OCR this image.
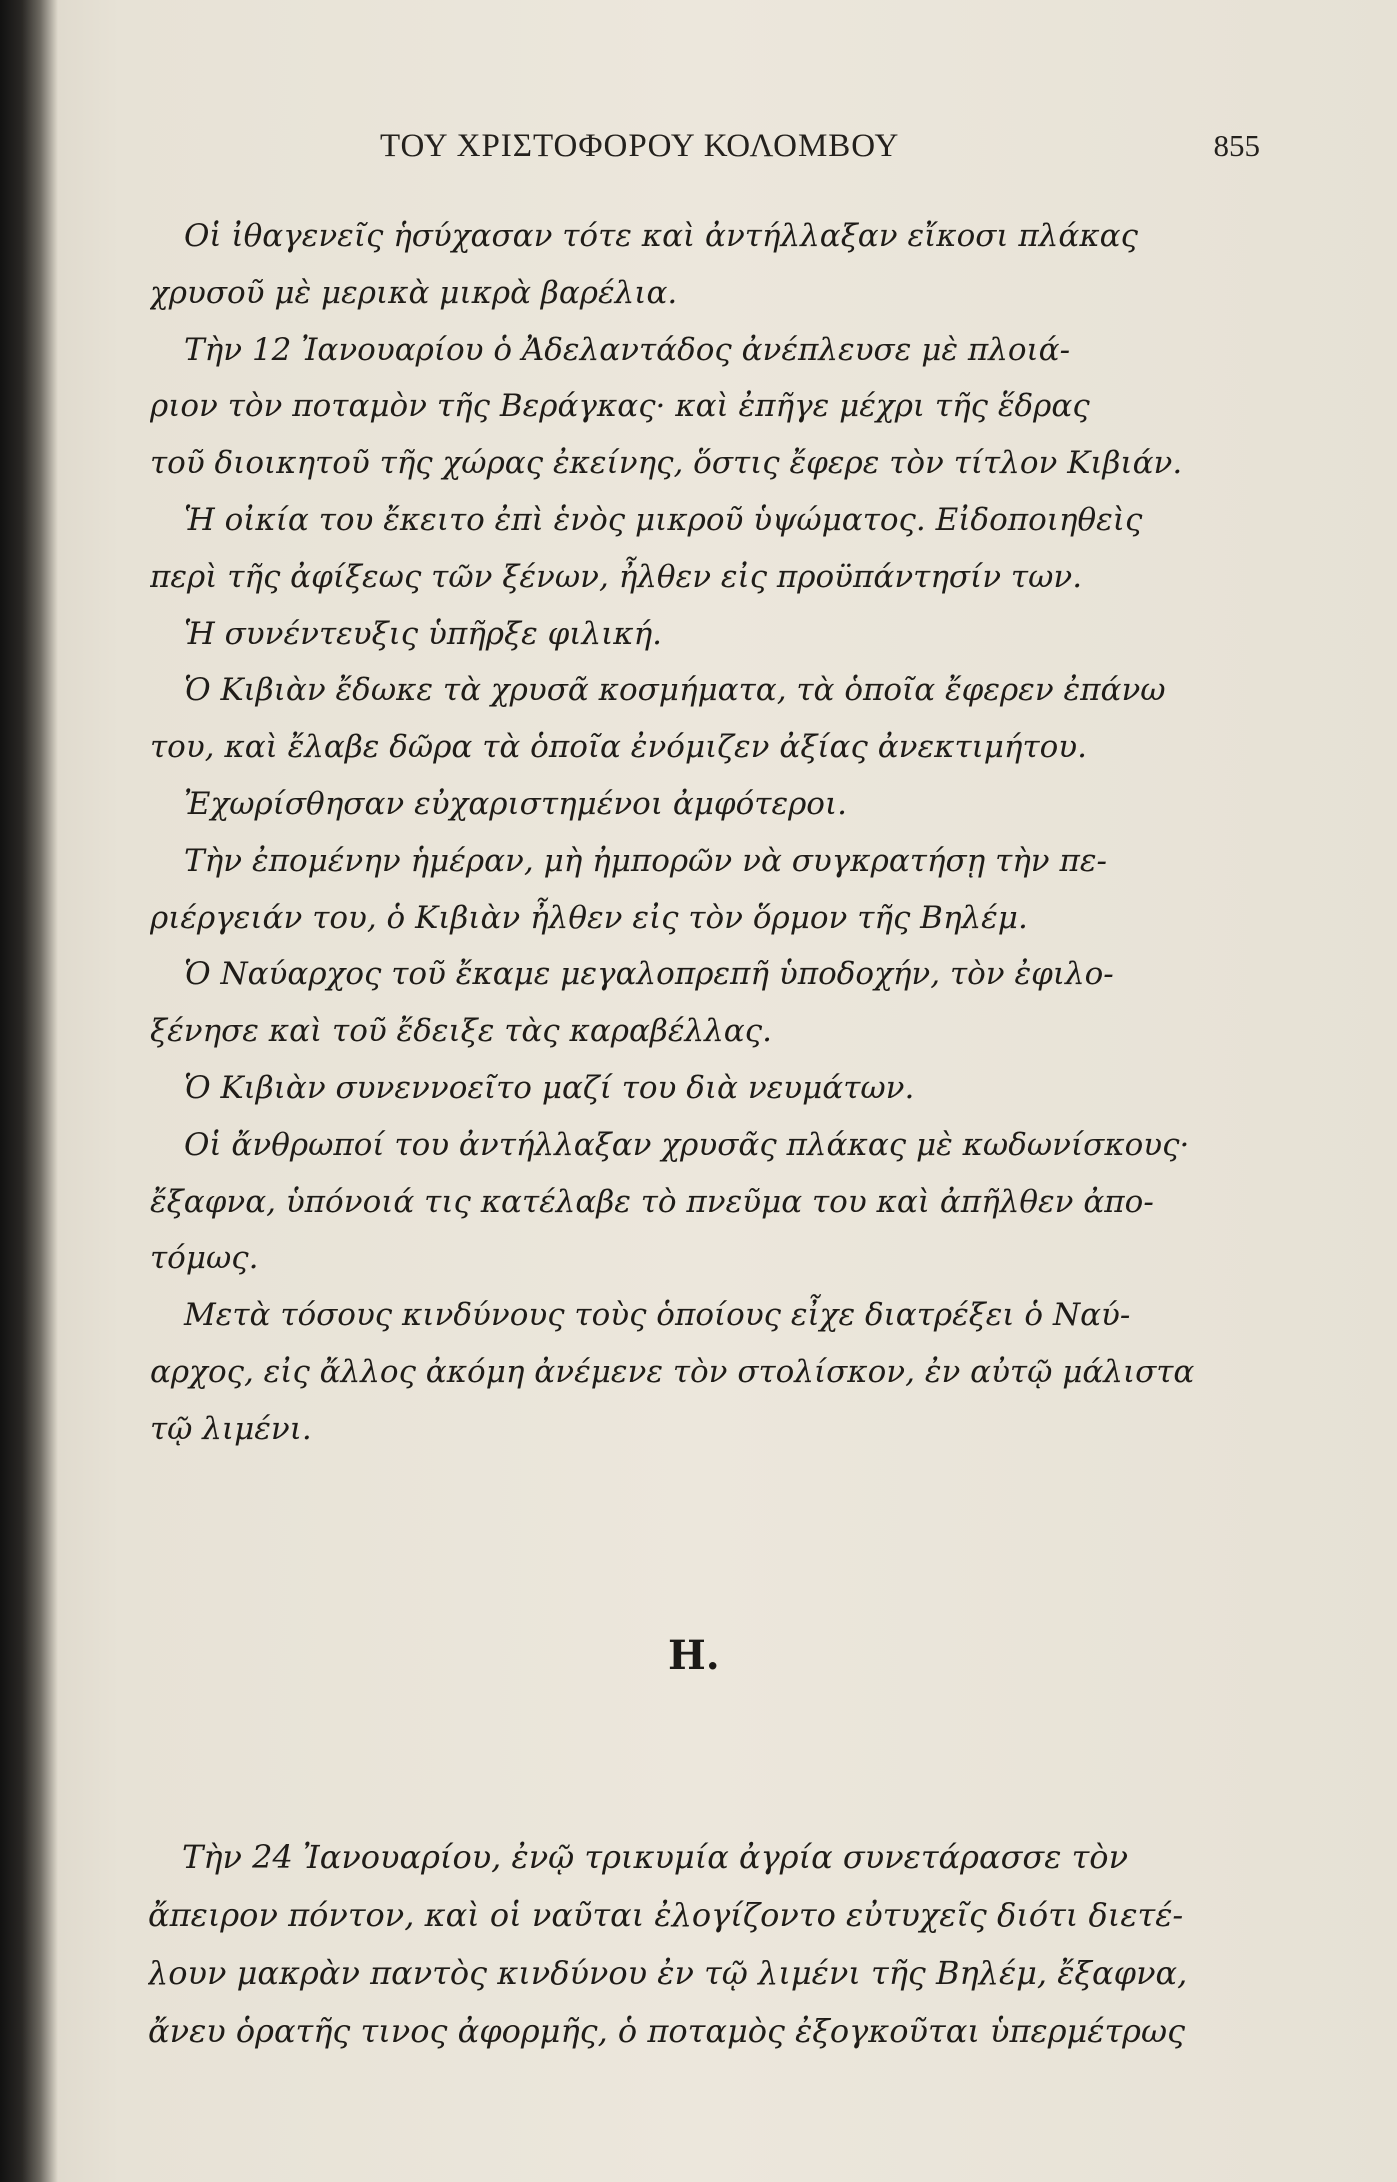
ΤΟΥ ΧΡΙΣΤΟΦΟΡΟΥ ΚΟΛΟΜΒΟΥ	855
Οἱ ἰθαγενεῖς ἡσύχασαν τότε καὶ ἀντήλλαξαν εἴκοσι πλάκας
χρυσοῦ μὲ μερικὰ μικρὰ βαρέλια.
Τὴν 12 Ἰανουαρίου ὁ Ἀδελαντάδος ἀνέπλευσε μὲ πλοιά-
ριον τὸν ποταμὸν τῆς Βεράγκας· καὶ ἐπῆγε μέχρι τῆς ἕδρας
τοῦ διοικητοῦ τῆς χώρας ἐκείνης, ὅστις ἔφερε τὸν τίτλον Κιβιάν.
Ἡ οἰκία του ἔκειτο ἐπὶ ἑνὸς μικροῦ ὑψώματος. Εἰδοποιηθεὶς
περὶ τῆς ἀφίξεως τῶν ξένων, ἦλθεν εἰς προϋπάντησίν των.
Ἡ συνέντευξις ὑπῆρξε φιλική.
Ὁ Κιβιὰν ἔδωκε τὰ χρυσᾶ κοσμήματα, τὰ ὁποῖα ἔφερεν ἐπάνω
του, καὶ ἔλαβε δῶρα τὰ ὁποῖα ἐνόμιζεν ἀξίας ἀνεκτιμήτου.
Ἐχωρίσθησαν εὐχαριστημένοι ἀμφότεροι.
Τὴν ἐπομένην ἡμέραν, μὴ ἠμπορῶν νὰ συγκρατήσῃ τὴν πε-
ριέργειάν του, ὁ Κιβιὰν ἦλθεν εἰς τὸν ὅρμον τῆς Βηλέμ.
Ὁ Ναύαρχος τοῦ ἔκαμε μεγαλοπρεπῆ ὑποδοχήν, τὸν ἐφιλο-
ξένησε καὶ τοῦ ἔδειξε τὰς καραβέλλας.
Ὁ Κιβιὰν συνεννοεῖτο μαζί του διὰ νευμάτων.
Οἱ ἄνθρωποί του ἀντήλλαξαν χρυσᾶς πλάκας μὲ κωδωνίσκους·
ἔξαφνα, ὑπόνοιά τις κατέλαβε τὸ πνεῦμα του καὶ ἀπῆλθεν ἀπο-
τόμως.
Μετὰ τόσους κινδύνους τοὺς ὁποίους εἶχε διατρέξει ὁ Ναύ-
αρχος, εἰς ἄλλος ἀκόμη ἀνέμενε τὸν στολίσκον, ἐν αὐτῷ μάλιστα
τῷ λιμένι.
Η.
Τὴν 24 Ἰανουαρίου, ἐνῷ τρικυμία ἀγρία συνετάρασσε τὸν
ἄπειρον πόντον, καὶ οἱ ναῦται ἐλογίζοντο εὐτυχεῖς διότι διετέ-
λουν μακρὰν παντὸς κινδύνου ἐν τῷ λιμένι τῆς Βηλέμ, ἔξαφνα,
ἄνευ ὁρατῆς τινος ἀφορμῆς, ὁ ποταμὸς ἐξογκοῦται ὑπερμέτρως
